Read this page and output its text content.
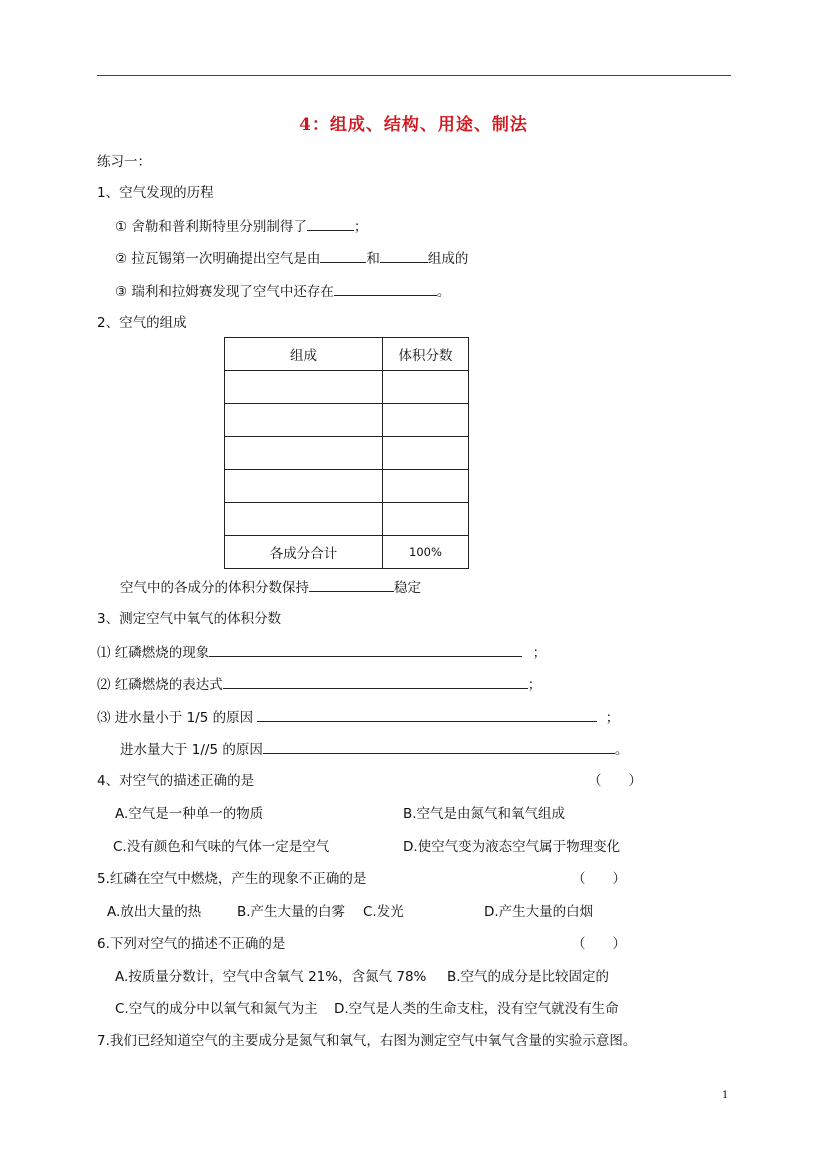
4：组成、结构、用途、制法
练习一：
1、空气发现的历程
① 舍勒和普利斯特里分别制得了	；
② 拉瓦锡第一次明确提出空气是由	和	组成的
③ 瑞利和拉姆赛发现了空气中还存在	。
2、空气的组成
组成	体积分数

各成分合计	100%
空气中的各成分的体积分数保持	稳定
3、测定空气中氧气的体积分数
⑴ 红磷燃烧的现象	；
⑵ 红磷燃烧的表达式	；
⑶ 进水量小于 1/5 的原因	；
进水量大于 1//5 的原因	。
4、对空气的描述正确的是	（　　）
A.空气是一种单一的物质	B.空气是由氮气和氧气组成
C.没有颜色和气味的气体一定是空气	D.使空气变为液态空气属于物理变化
5.红磷在空气中燃烧，产生的现象不正确的是	（　　）
A.放出大量的热	B.产生大量的白雾 C.发光	D.产生大量的白烟
6.下列对空气的描述不正确的是	（　　）
A.按质量分数计，空气中含氧气 21%，含氮气 78% B.空气的成分是比较固定的
C.空气的成分中以氧气和氮气为主 D.空气是人类的生命支柱，没有空气就没有生命
7.我们已经知道空气的主要成分是氮气和氧气，右图为测定空气中氧气含量的实验示意图。
1
